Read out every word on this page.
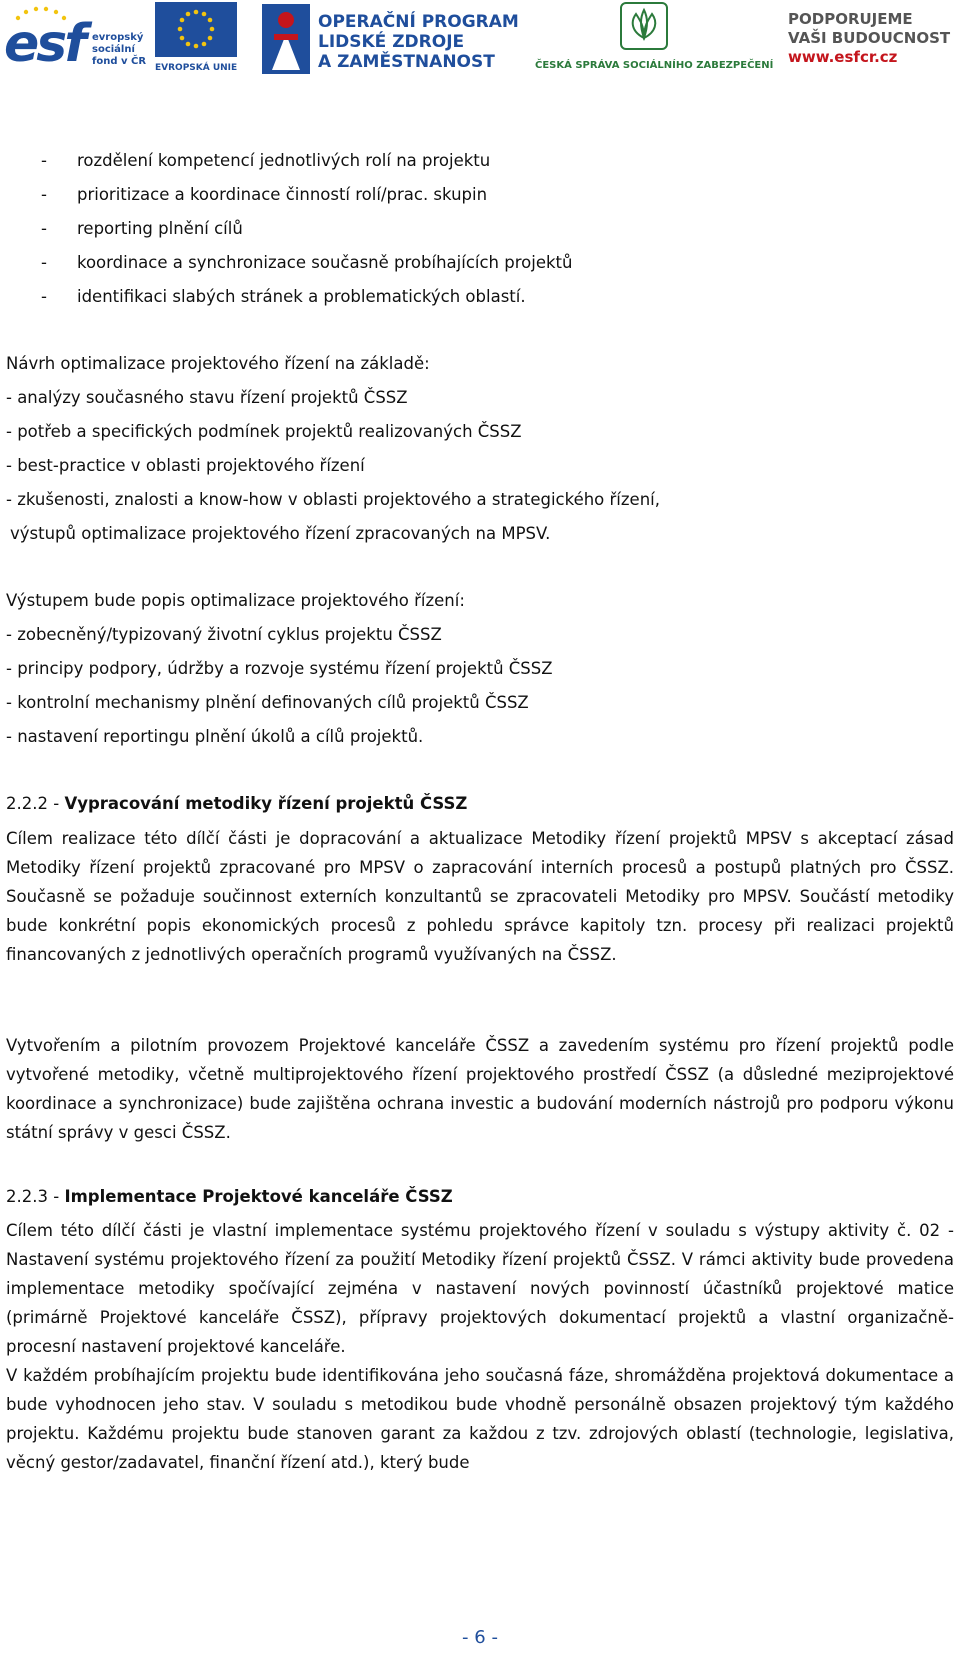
esf evropský
sociální
fond v ČR
EVROPSKÁ UNIE
OPERAČNÍ PROGRAM
LIDSKÉ ZDROJE
A ZAMĚSTNANOST	ČESKÁ SPRÁVA SOCIÁLNÍHO ZABEZPEČENÍ
PODPORUJEME
VAŠI BUDOUCNOST
www.esfcr.cz
- rozdělení kompetencí jednotlivých rolí na projektu
- prioritizace a koordinace činností rolí/prac. skupin
- reporting plnění cílů
- koordinace a synchronizace současně probíhajících projektů
- identifikaci slabých stránek a problematických oblastí.
Návrh optimalizace projektového řízení na základě:
- analýzy současného stavu řízení projektů ČSSZ
- potřeb a specifických podmínek projektů realizovaných ČSSZ
- best-practice v oblasti projektového řízení
- zkušenosti, znalosti a know-how v oblasti projektového a strategického řízení,
výstupů optimalizace projektového řízení zpracovaných na MPSV.
Výstupem bude popis optimalizace projektového řízení:
- zobecněný/typizovaný životní cyklus projektu ČSSZ
- principy podpory, údržby a rozvoje systému řízení projektů ČSSZ
- kontrolní mechanismy plnění definovaných cílů projektů ČSSZ
- nastavení reportingu plnění úkolů a cílů projektů.
2.2.2 - Vypracování metodiky řízení projektů ČSSZ
Cílem realizace této dílčí části je dopracování a aktualizace Metodiky řízení projektů MPSV s akceptací zásad Metodiky řízení projektů zpracované pro MPSV o zapracování interních procesů a postupů platných pro ČSSZ. Současně se požaduje součinnost externích konzultantů se zpracovateli Metodiky pro MPSV. Součástí metodiky bude konkrétní popis ekonomických procesů z pohledu správce kapitoly tzn. procesy při realizaci projektů financovaných z jednotlivých operačních programů využívaných na ČSSZ.
Vytvořením a pilotním provozem Projektové kanceláře ČSSZ a zavedením systému pro řízení projektů podle vytvořené metodiky, včetně multiprojektového řízení projektového prostředí ČSSZ (a důsledné meziprojektové koordinace a synchronizace) bude zajištěna ochrana investic a budování moderních nástrojů pro podporu výkonu státní správy v gesci ČSSZ.
2.2.3 - Implementace Projektové kanceláře ČSSZ
Cílem této dílčí části je vlastní implementace systému projektového řízení v souladu s výstupy aktivity č. 02 - Nastavení systému projektového řízení za použití Metodiky řízení projektů ČSSZ. V rámci aktivity bude provedena implementace metodiky spočívající zejména v nastavení nových povinností účastníků projektové matice (primárně Projektové kanceláře ČSSZ), přípravy projektových dokumentací projektů a vlastní organizačně-procesní nastavení projektové kanceláře.
V každém probíhajícím projektu bude identifikována jeho současná fáze, shromážděna projektová dokumentace a bude vyhodnocen jeho stav. V souladu s metodikou bude vhodně personálně obsazen projektový tým každého projektu. Každému projektu bude stanoven garant za každou z tzv. zdrojových oblastí (technologie, legislativa, věcný gestor/zadavatel, finanční řízení atd.), který bude
- 6 -
